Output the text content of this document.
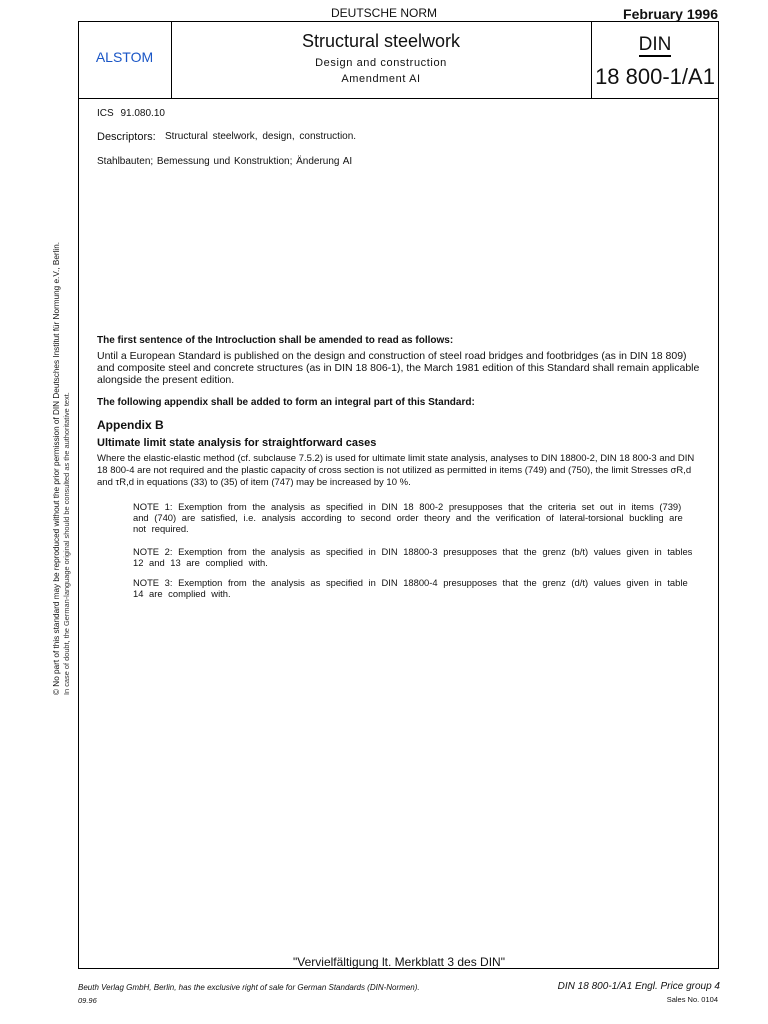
DEUTSCHE NORM	February 1996
ALSTOM
Structural steelwork
Design and construction
Amendment AI
DIN
18 800-1/A1
ICS 91.080.10
Descriptors: Structural steelwork, design, construction.
Stahlbauten; Bemessung und Konstruktion; Änderung AI
The first sentence of the Introcluction shall be amended to read as follows:
Until a European Standard is published on the design and construction of steel road bridges and footbridges (as in DIN 18 809) and composite steel and concrete structures (as in DIN 18 806-1), the March 1981 edition of this Standard shall remain applicable alongside the present edition.
The following appendix shall be added to form an integral part of this Standard:
Appendix B
Ultimate limit state analysis for straightforward cases
Where the elastic-elastic method (cf. subclause 7.5.2) is used for ultimate limit state analysis, analyses to DIN 18800-2, DIN 18 800-3 and DIN 18 800-4 are not required and the plastic capacity of cross section is not utilized as permitted in items (749) and (750), the limit Stresses σR,d and τR,d in equations (33) to (35) of item (747) may be increased by 10 %.
NOTE 1: Exemption from the analysis as specified in DIN 18 800-2 presupposes that the criteria set out in items (739) and (740) are satisfied, i.e. analysis according to second order theory and the verification of lateral-torsional buckling are not required.
NOTE 2: Exemption from the analysis as specified in DIN 18800-3 presupposes that the grenz (b/t) values given in tables 12 and 13 are complied with.
NOTE 3: Exemption from the analysis as specified in DIN 18800-4 presupposes that the grenz (d/t) values given in table 14 are complied with.
© No part of this standard may be reproduced without the prior permission of DIN Deutsches Institut für Normung e.V., Berlin. In case of doubt, the German-language original should be consulted as the authoritative text.
"Vervielfältigung lt. Merkblatt 3 des DIN"
Beuth Verlag GmbH, Berlin, has the exclusive right of sale for German Standards (DIN-Normen).
09.96
DIN 18 800-1/A1 Engl. Price group 4
Sales No. 0104
